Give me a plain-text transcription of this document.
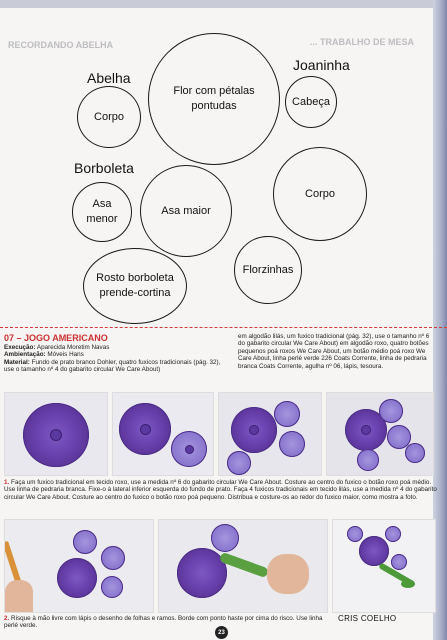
RECORDANDO ABELHA	... TRABALHO DE MESA
Abelha
Joaninha
Borboleta
Flor com pétalas pontudas
Corpo
Cabeça
Asa menor
Asa maior
Corpo
Rosto borboleta prende-cortina
Florzinhas
07 – JOGO AMERICANO
Execução: Aparecida Moretim Navas
Ambientação: Móveis Hans
Material: Fundo de prato branco Dohler, quatro fuxicos tradicionais (pág. 32), use o tamanho nº 4 do gabarito circular We Care About)
em algodão lilás, um fuxico tradicional (pág. 32), use o tamanho nº 6 do gabarito circular We Care About) em algodão roxo, quatro botões pequenos poá roxos We Care About, um botão médio poá roxo We Care About, linha perlé verde 226 Coats Corrente, linha de pedraria branca Coats Corrente, agulha nº 06, lápis, tesoura.
1. Faça um fuxico tradicional em tecido roxo, use a medida nº 6 do gabarito circular We Care About. Costure ao centro do fuxico o botão roxo poá médio. Use linha de pedraria branca. Fixe-o à lateral inferior esquerda do fundo de prato. Faça 4 fuxicos tradicionais em tecido lilás, use a medida nº 4 do gabarito circular We Care About. Costure ao centro do fuxico o botão roxo poá pequeno. Distribua e costure-os ao redor do fuxico maior, como mostra a foto.
2. Risque à mão livre com lápis o desenho de folhas e ramos. Borde com ponto haste por cima do risco. Use linha perlé verde.
CRIS COELHO
23
